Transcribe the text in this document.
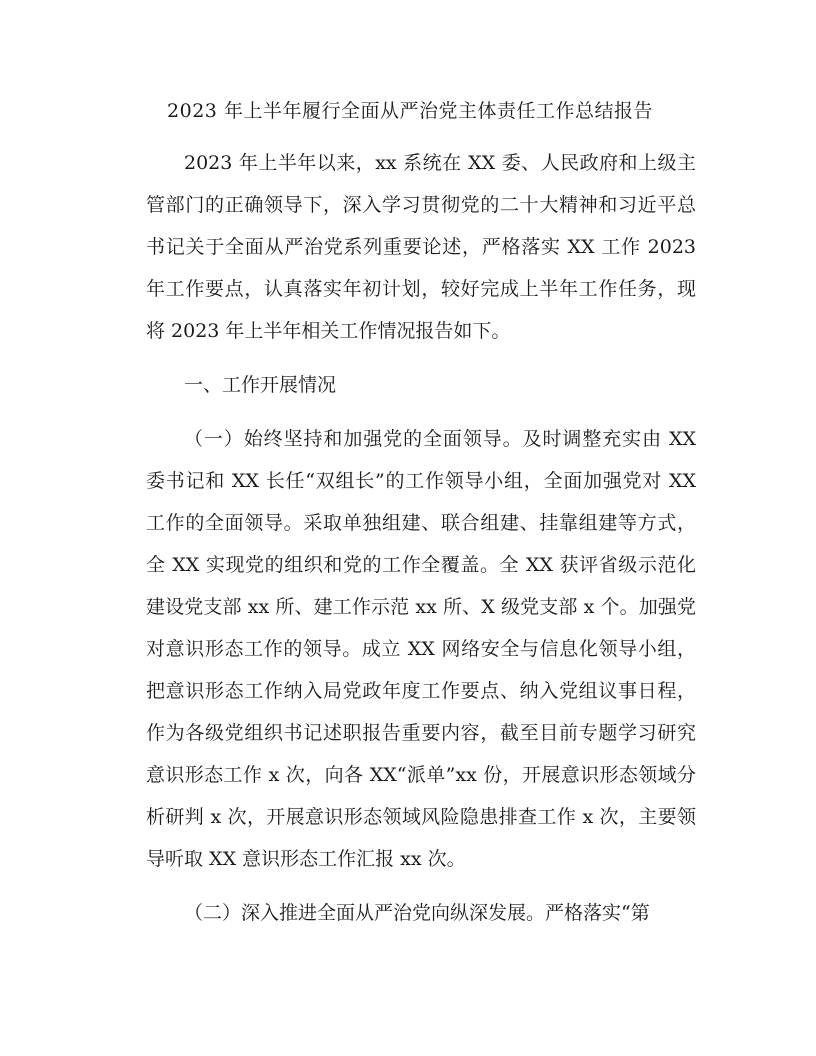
2023 年上半年履行全面从严治党主体责任工作总结报告

2023 年上半年以来，xx 系统在 XX 委、人民政府和上级主管部门的正确领导下，深入学习贯彻党的二十大精神和习近平总书记关于全面从严治党系列重要论述，严格落实 XX 工作 2023 年工作要点，认真落实年初计划，较好完成上半年工作任务，现将 2023 年上半年相关工作情况报告如下。

一、工作开展情况

（一）始终坚持和加强党的全面领导。及时调整充实由 XX 委书记和 XX 长任“双组长”的工作领导小组，全面加强党对 XX 工作的全面领导。采取单独组建、联合组建、挂靠组建等方式，全 XX 实现党的组织和党的工作全覆盖。全 XX 获评省级示范化建设党支部 xx 所、建工作示范 xx 所、X 级党支部 x 个。加强党对意识形态工作的领导。成立 XX 网络安全与信息化领导小组，把意识形态工作纳入局党政年度工作要点、纳入党组议事日程，作为各级党组织书记述职报告重要内容，截至目前专题学习研究意识形态工作 x 次，向各 XX“派单”xx 份，开展意识形态领域分析研判 x 次，开展意识形态领域风险隐患排查工作 x 次，主要领导听取 XX 意识形态工作汇报 xx 次。

（二）深入推进全面从严治党向纵深发展。严格落实“第
